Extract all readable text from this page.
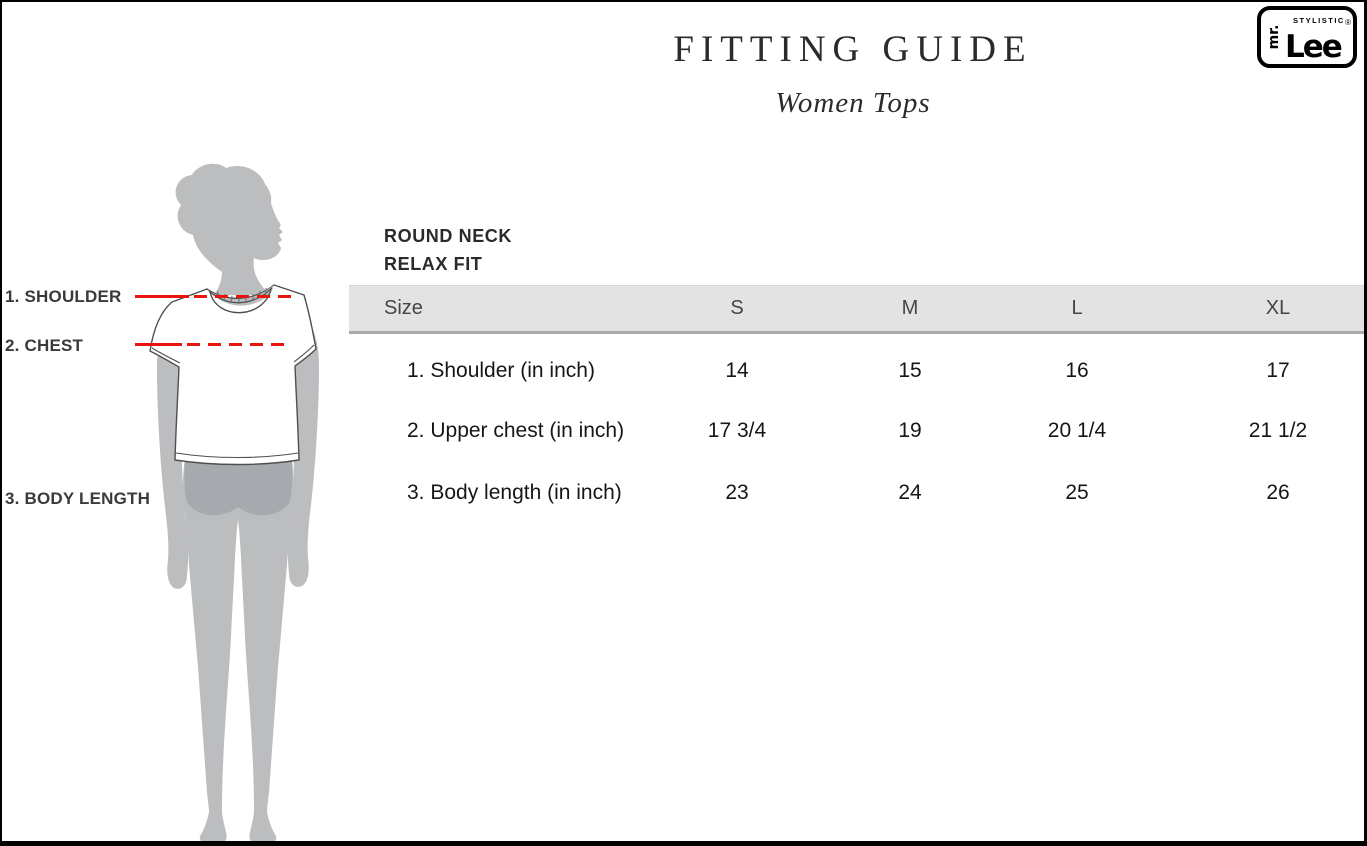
FITTING GUIDE
Women Tops
mr.
STYLISTIC
Lee
®
1. SHOULDER
2. CHEST
3. BODY LENGTH
ROUND NECK
RELAX FIT
Size	S	M	L	XL
1. Shoulder (in inch)	14	15	16	17
2. Upper chest (in inch)	17 3/4	19	20 1/4	21 1/2
3. Body length (in inch)	23	24	25	26
